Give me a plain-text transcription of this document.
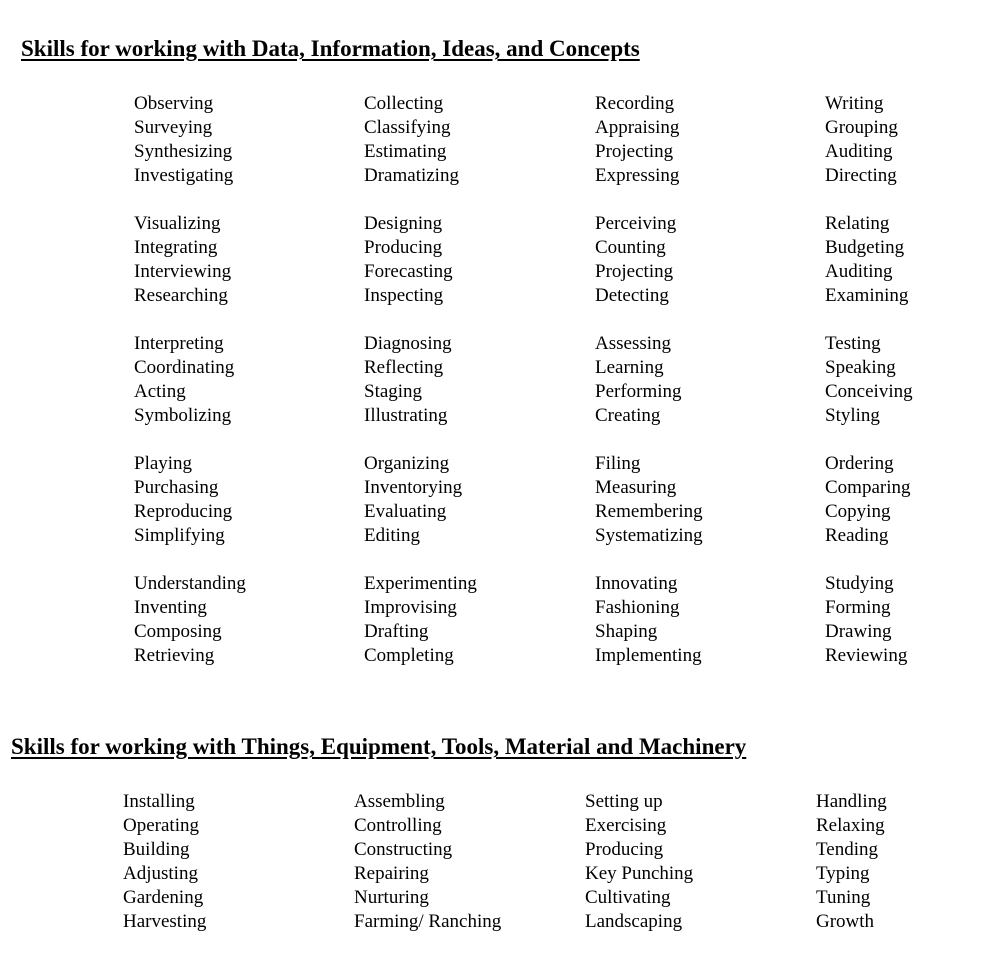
Skills for working with Data, Information, Ideas, and Concepts
Observing
Surveying
Synthesizing
Investigating
Visualizing
Integrating
Interviewing
Researching
Interpreting
Coordinating
Acting
Symbolizing
Playing
Purchasing
Reproducing
Simplifying
Understanding
Inventing
Composing
Retrieving
Collecting
Classifying
Estimating
Dramatizing
Designing
Producing
Forecasting
Inspecting
Diagnosing
Reflecting
Staging
Illustrating
Organizing
Inventorying
Evaluating
Editing
Experimenting
Improvising
Drafting
Completing
Recording
Appraising
Projecting
Expressing
Perceiving
Counting
Projecting
Detecting
Assessing
Learning
Performing
Creating
Filing
Measuring
Remembering
Systematizing
Innovating
Fashioning
Shaping
Implementing
Writing
Grouping
Auditing
Directing
Relating
Budgeting
Auditing
Examining
Testing
Speaking
Conceiving
Styling
Ordering
Comparing
Copying
Reading
Studying
Forming
Drawing
Reviewing
Skills for working with Things, Equipment, Tools, Material and Machinery
Installing
Operating
Building
Adjusting
Gardening
Harvesting
Assembling
Controlling
Constructing
Repairing
Nurturing
Farming/ Ranching
Setting up
Exercising
Producing
Key Punching
Cultivating
Landscaping
Handling
Relaxing
Tending
Typing
Tuning
Growth
